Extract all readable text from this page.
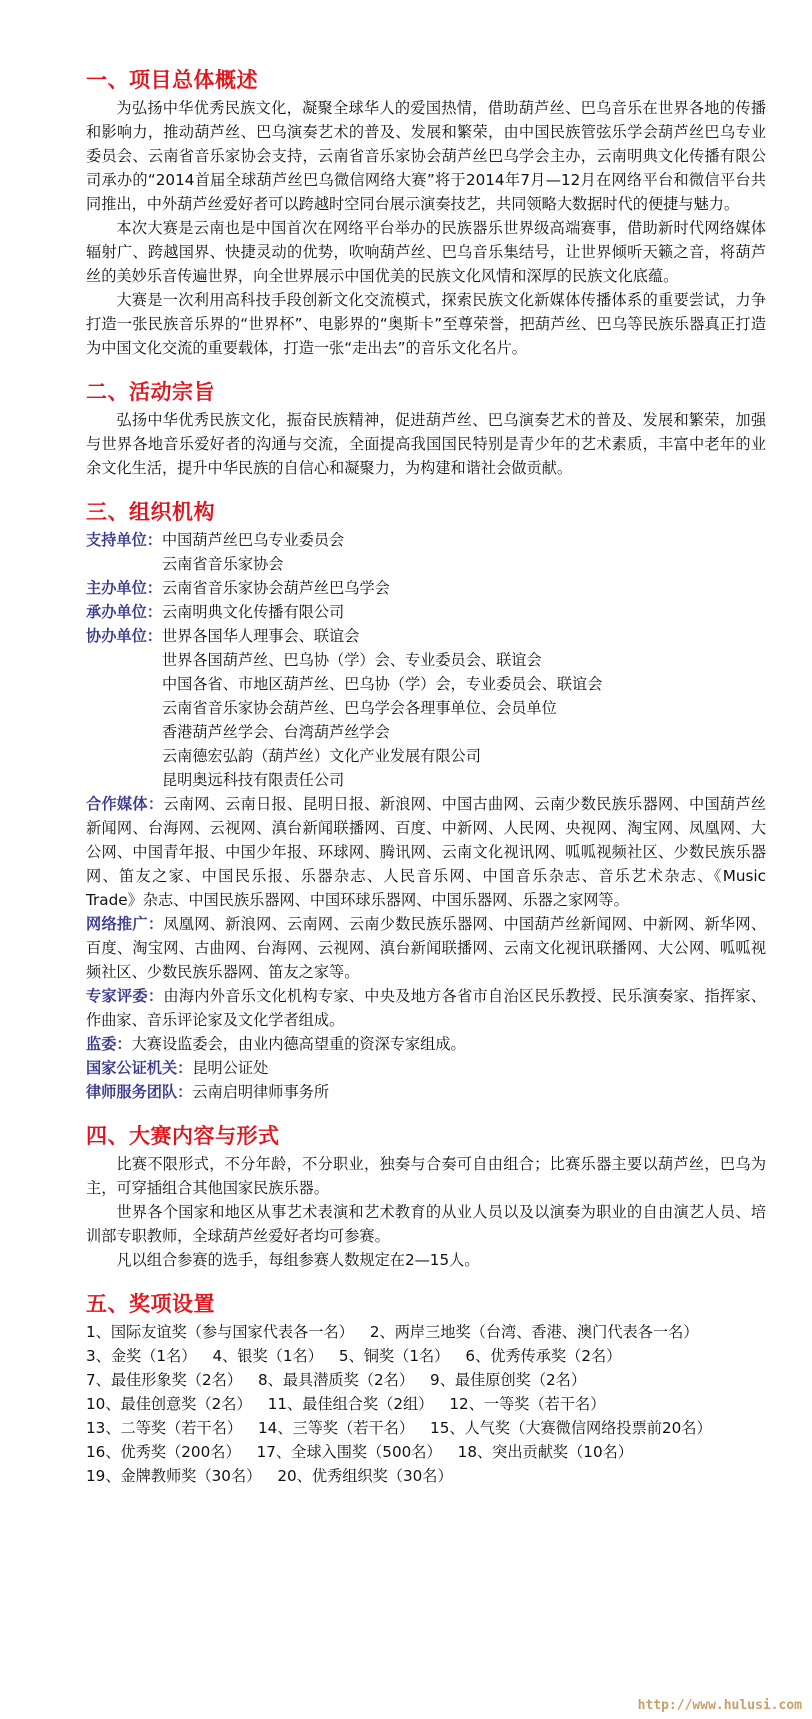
一、项目总体概述

为弘扬中华优秀民族文化，凝聚全球华人的爱国热情，借助葫芦丝、巴乌音乐在世界各地的传播和影响力，推动葫芦丝、巴乌演奏艺术的普及、发展和繁荣，由中国民族管弦乐学会葫芦丝巴乌专业委员会、云南省音乐家协会支持，云南省音乐家协会葫芦丝巴乌学会主办，云南明典文化传播有限公司承办的“2014首届全球葫芦丝巴乌微信网络大赛”将于2014年7月—12月在网络平台和微信平台共同推出，中外葫芦丝爱好者可以跨越时空同台展示演奏技艺，共同领略大数据时代的便捷与魅力。

本次大赛是云南也是中国首次在网络平台举办的民族器乐世界级高端赛事，借助新时代网络媒体辐射广、跨越国界、快捷灵动的优势，吹响葫芦丝、巴乌音乐集结号，让世界倾听天籁之音，将葫芦丝的美妙乐音传遍世界，向全世界展示中国优美的民族文化风情和深厚的民族文化底蕴。

大赛是一次利用高科技手段创新文化交流模式，探索民族文化新媒体传播体系的重要尝试，力争打造一张民族音乐界的“世界杯”、电影界的“奥斯卡”至尊荣誉，把葫芦丝、巴乌等民族乐器真正打造为中国文化交流的重要载体，打造一张“走出去”的音乐文化名片。

二、活动宗旨

弘扬中华优秀民族文化，振奋民族精神，促进葫芦丝、巴乌演奏艺术的普及、发展和繁荣，加强与世界各地音乐爱好者的沟通与交流，全面提高我国国民特别是青少年的艺术素质，丰富中老年的业余文化生活，提升中华民族的自信心和凝聚力，为构建和谐社会做贡献。

三、组织机构
支持单位： 中国葫芦丝巴乌专业委员会
云南省音乐家协会
主办单位： 云南省音乐家协会葫芦丝巴乌学会
承办单位： 云南明典文化传播有限公司
协办单位： 世界各国华人理事会、联谊会
世界各国葫芦丝、巴乌协（学）会、专业委员会、联谊会
中国各省、市地区葫芦丝、巴乌协（学）会，专业委员会、联谊会
云南省音乐家协会葫芦丝、巴乌学会各理事单位、会员单位
香港葫芦丝学会、台湾葫芦丝学会
云南德宏弘韵（葫芦丝）文化产业发展有限公司
昆明奥远科技有限责任公司

合作媒体：云南网、云南日报、昆明日报、新浪网、中国古曲网、云南少数民族乐器网、中国葫芦丝新闻网、台海网、云视网、滇台新闻联播网、百度、中新网、人民网、央视网、淘宝网、凤凰网、大公网、中国青年报、中国少年报、环球网、腾讯网、云南文化视讯网、呱呱视频社区、少数民族乐器网、笛友之家、中国民乐报、乐器杂志、人民音乐网、中国音乐杂志、音乐艺术杂志、《Music Trade》杂志、中国民族乐器网、中国环球乐器网、中国乐器网、乐器之家网等。

网络推广：凤凰网、新浪网、云南网、云南少数民族乐器网、中国葫芦丝新闻网、中新网、新华网、百度、淘宝网、古曲网、台海网、云视网、滇台新闻联播网、云南文化视讯联播网、大公网、呱呱视频社区、少数民族乐器网、笛友之家等。

专家评委：由海内外音乐文化机构专家、中央及地方各省市自治区民乐教授、民乐演奏家、指挥家、作曲家、音乐评论家及文化学者组成。

监委：大赛设监委会，由业内德高望重的资深专家组成。

国家公证机关：昆明公证处

律师服务团队：云南启明律师事务所

四、大赛内容与形式

比赛不限形式，不分年龄，不分职业，独奏与合奏可自由组合；比赛乐器主要以葫芦丝，巴乌为主，可穿插组合其他国家民族乐器。

世界各个国家和地区从事艺术表演和艺术教育的从业人员以及以演奏为职业的自由演艺人员、培训部专职教师，全球葫芦丝爱好者均可参赛。

凡以组合参赛的选手，每组参赛人数规定在2—15人。

五、奖项设置
1、国际友谊奖（参与国家代表各一名） 2、两岸三地奖（台湾、香港、澳门代表各一名）
3、金奖（1名） 4、银奖（1名） 5、铜奖（1名） 6、优秀传承奖（2名）
7、最佳形象奖（2名） 8、最具潜质奖（2名） 9、最佳原创奖（2名）
10、最佳创意奖（2名） 11、最佳组合奖（2组） 12、一等奖（若干名）
13、二等奖（若干名） 14、三等奖（若干名） 15、人气奖（大赛微信网络投票前20名）
16、优秀奖（200名） 17、全球入围奖（500名） 18、突出贡献奖（10名）
19、金牌教师奖（30名） 20、优秀组织奖（30名）
http://www.hulusi.com
